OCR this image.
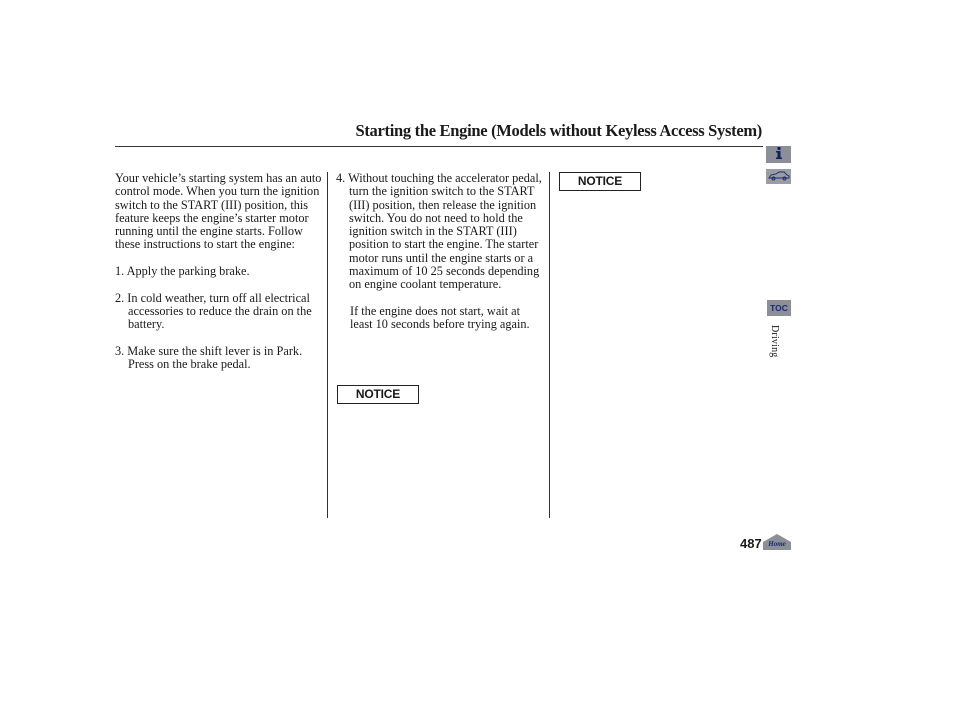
Starting the Engine (Models without Keyless Access System)

Your vehicle’s starting system has an auto control mode. When you turn the ignition switch to the START (III) position, this feature keeps the engine’s starter motor running until the engine starts. Follow these instructions to start the engine:

1. Apply the parking brake.

2. In cold weather, turn off all electrical accessories to reduce the drain on the battery.

3. Make sure the shift lever is in Park. Press on the brake pedal.

4. Without touching the accelerator pedal, turn the ignition switch to the START (III) position, then release the ignition switch. You do not need to hold the ignition switch in the START (III) position to start the engine. The starter motor runs until the engine starts or a maximum of 10 25 seconds depending on engine coolant temperature.

If the engine does not start, wait at least 10 seconds before trying again.

NOTICE
NOTICE
TOC
Driving
487 Home
